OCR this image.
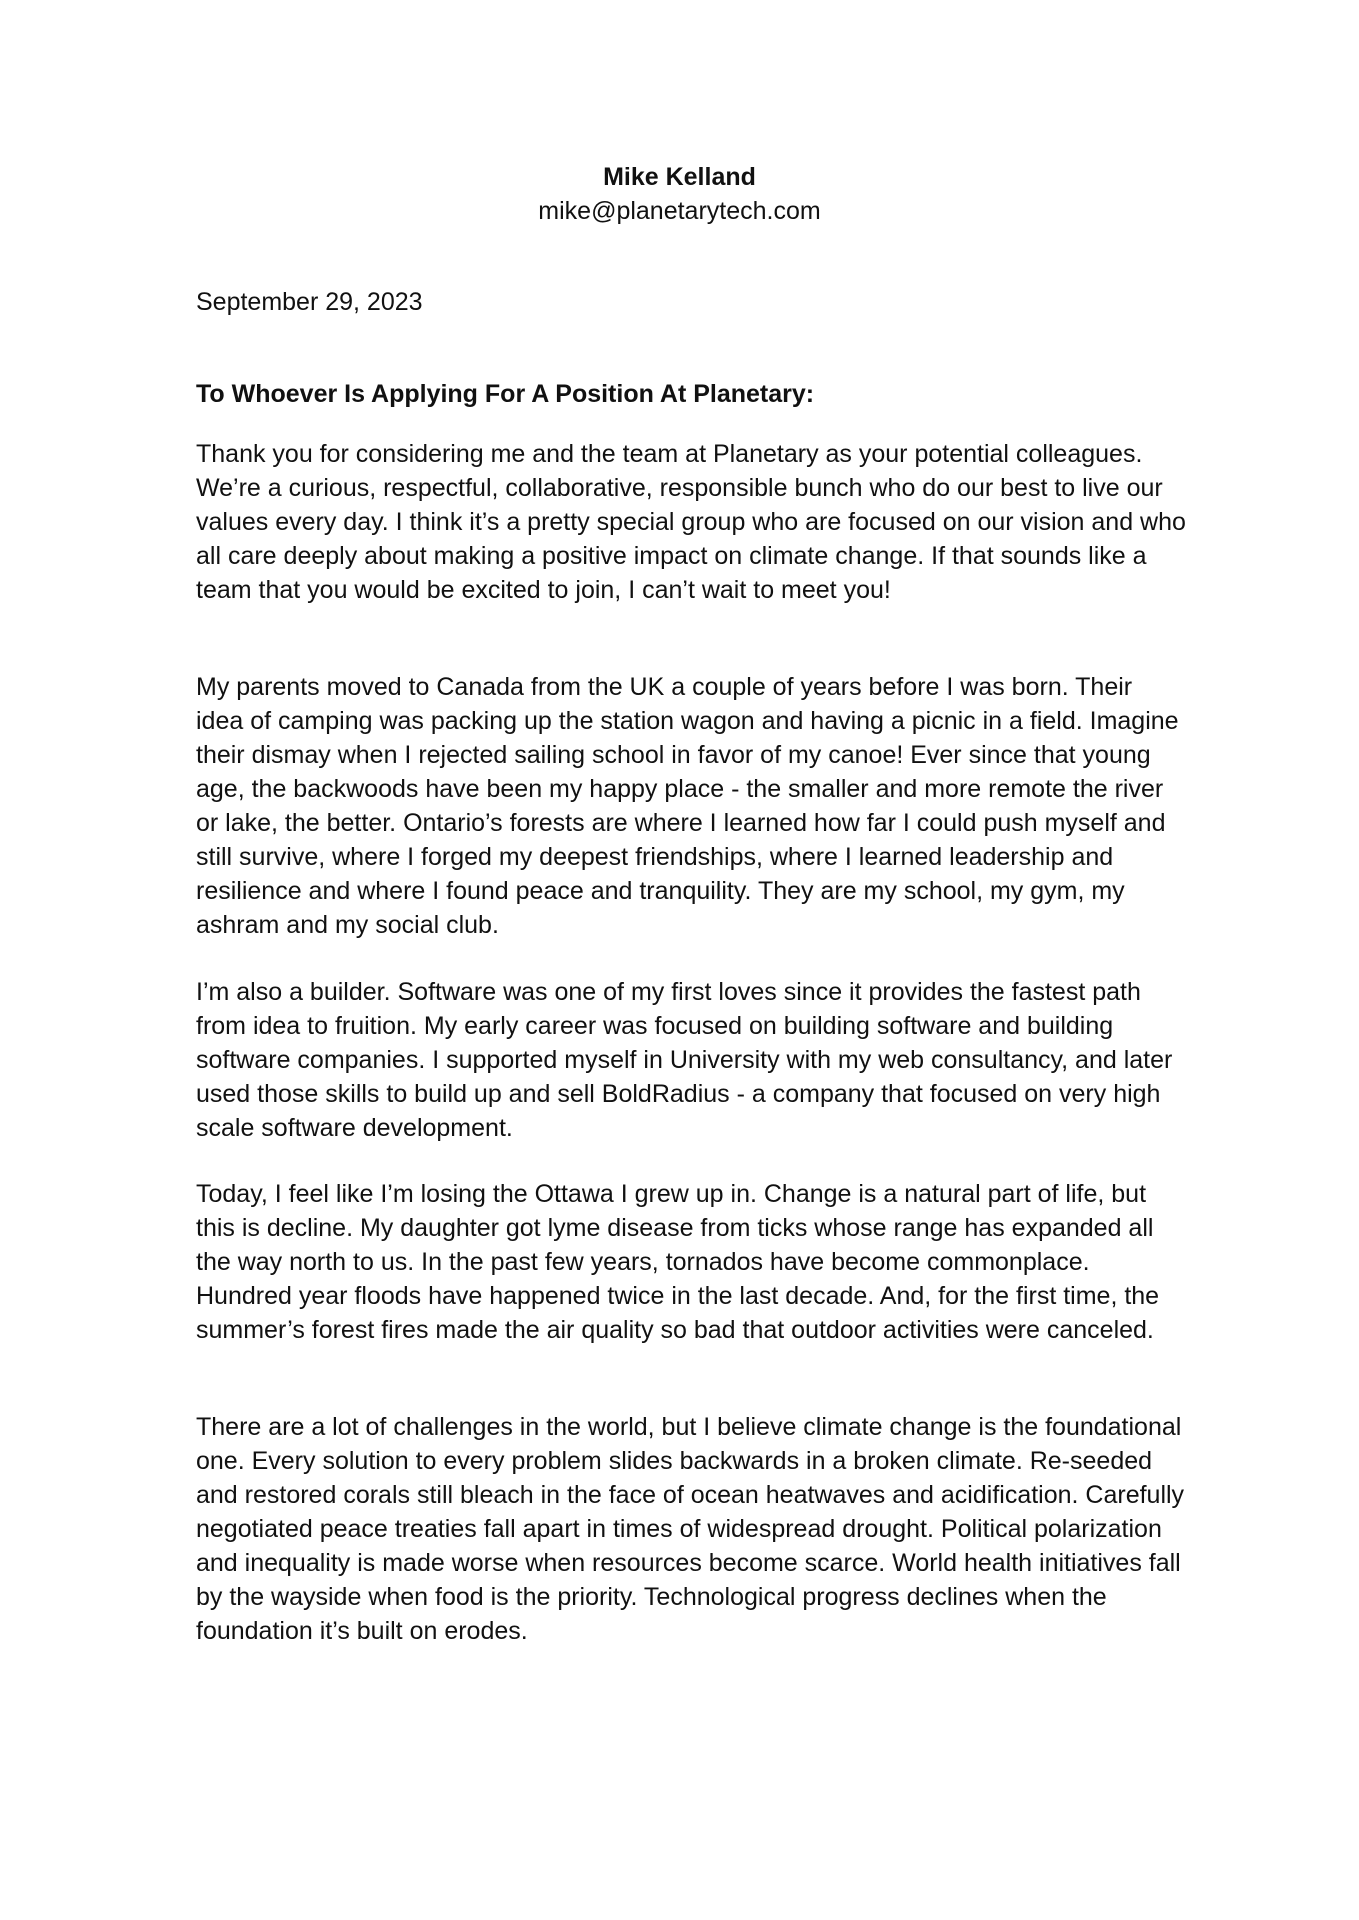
Mike Kelland

mike@planetarytech.com

September 29, 2023
To Whoever Is Applying For A Position At Planetary:

Thank you for considering me and the team at Planetary as your potential colleagues. We’re a curious, respectful, collaborative, responsible bunch who do our best to live our values every day. I think it’s a pretty special group who are focused on our vision and who all care deeply about making a positive impact on climate change. If that sounds like a team that you would be excited to join, I can’t wait to meet you!

My parents moved to Canada from the UK a couple of years before I was born. Their idea of camping was packing up the station wagon and having a picnic in a field. Imagine their dismay when I rejected sailing school in favor of my canoe! Ever since that young age, the backwoods have been my happy place - the smaller and more remote the river or lake, the better. Ontario’s forests are where I learned how far I could push myself and still survive, where I forged my deepest friendships, where I learned leadership and resilience and where I found peace and tranquility. They are my school, my gym, my ashram and my social club.

I’m also a builder. Software was one of my first loves since it provides the fastest path from idea to fruition. My early career was focused on building software and building software companies. I supported myself in University with my web consultancy, and later used those skills to build up and sell BoldRadius - a company that focused on very high scale software development.

Today, I feel like I’m losing the Ottawa I grew up in. Change is a natural part of life, but this is decline. My daughter got lyme disease from ticks whose range has expanded all the way north to us. In the past few years, tornados have become commonplace. Hundred year floods have happened twice in the last decade. And, for the first time, the summer’s forest fires made the air quality so bad that outdoor activities were canceled.

There are a lot of challenges in the world, but I believe climate change is the foundational one. Every solution to every problem slides backwards in a broken climate. Re-seeded and restored corals still bleach in the face of ocean heatwaves and acidification. Carefully negotiated peace treaties fall apart in times of widespread drought. Political polarization and inequality is made worse when resources become scarce. World health initiatives fall by the wayside when food is the priority. Technological progress declines when the foundation it’s built on erodes.
